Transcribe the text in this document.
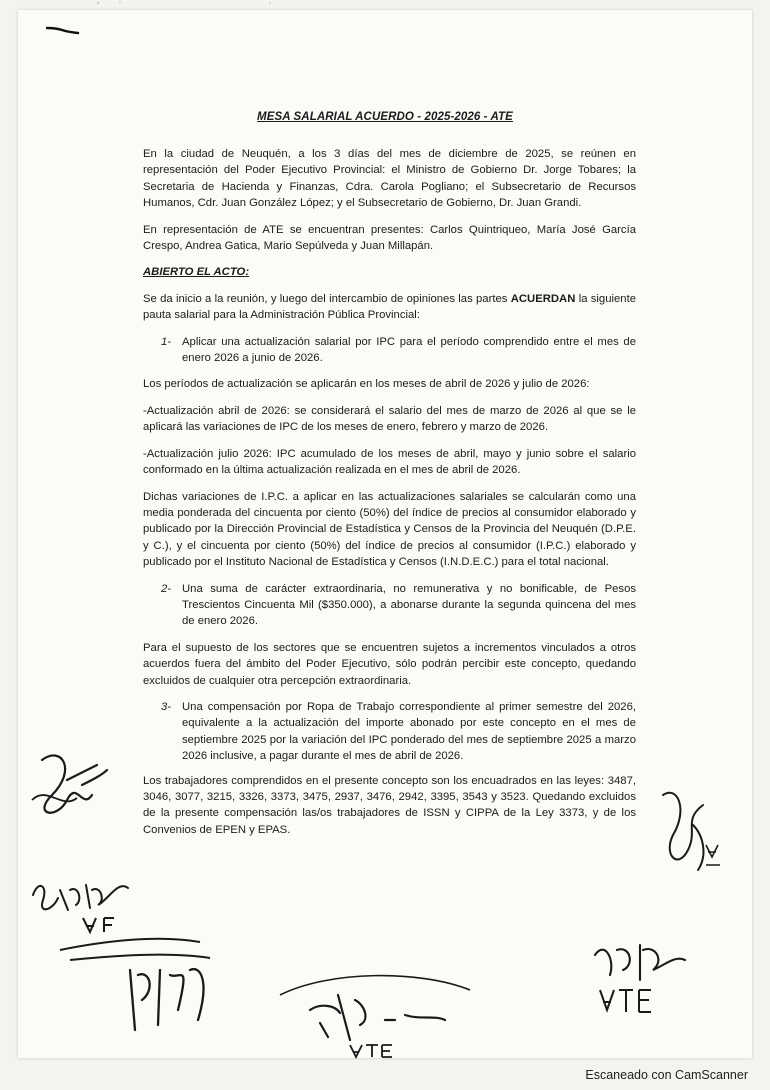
MESA SALARIAL ACUERDO - 2025-2026 - ATE

En la ciudad de Neuquén, a los 3 días del mes de diciembre de 2025, se reúnen en representación del Poder Ejecutivo Provincial: el Ministro de Gobierno Dr. Jorge Tobares; la Secretaria de Hacienda y Finanzas, Cdra. Carola Pogliano; el Subsecretario de Recursos Humanos, Cdr. Juan González López; y el Subsecretario de Gobierno, Dr. Juan Grandi.

En representación de ATE se encuentran presentes: Carlos Quintriqueo, María José García Crespo, Andrea Gatica, Mario Sepúlveda y Juan Millapán.

ABIERTO EL ACTO:

Se da inicio a la reunión, y luego del intercambio de opiniones las partes ACUERDAN la siguiente pauta salarial para la Administración Pública Provincial:

1- Aplicar una actualización salarial por IPC para el período comprendido entre el mes de enero 2026 a junio de 2026.

Los períodos de actualización se aplicarán en los meses de abril de 2026 y julio de 2026:

-Actualización abril de 2026: se considerará el salario del mes de marzo de 2026 al que se le aplicará las variaciones de IPC de los meses de enero, febrero y marzo de 2026.

-Actualización julio 2026: IPC acumulado de los meses de abril, mayo y junio sobre el salario conformado en la última actualización realizada en el mes de abril de 2026.

Dichas variaciones de I.P.C. a aplicar en las actualizaciones salariales se calcularán como una media ponderada del cincuenta por ciento (50%) del índice de precios al consumidor elaborado y publicado por la Dirección Provincial de Estadística y Censos de la Provincia del Neuquén (D.P.E. y C.), y el cincuenta por ciento (50%) del índice de precios al consumidor (I.P.C.) elaborado y publicado por el Instituto Nacional de Estadística y Censos (I.N.D.E.C.) para el total nacional.

2- Una suma de carácter extraordinaria, no remunerativa y no bonificable, de Pesos Trescientos Cincuenta Mil ($350.000), a abonarse durante la segunda quincena del mes de enero 2026.

Para el supuesto de los sectores que se encuentren sujetos a incrementos vinculados a otros acuerdos fuera del ámbito del Poder Ejecutivo, sólo podrán percibir este concepto, quedando excluidos de cualquier otra percepción extraordinaria.

3- Una compensación por Ropa de Trabajo correspondiente al primer semestre del 2026, equivalente a la actualización del importe abonado por este concepto en el mes de septiembre 2025 por la variación del IPC ponderado del mes de septiembre 2025 a marzo 2026 inclusive, a pagar durante el mes de abril de 2026.

Los trabajadores comprendidos en el presente concepto son los encuadrados en las leyes: 3487, 3046, 3077, 3215, 3326, 3373, 3475, 2937, 3476, 2942, 3395, 3543 y 3523. Quedando excluidos de la presente compensación las/os trabajadores de ISSN y CIPPA de la Ley 3373, y de los Convenios de EPEN y EPAS.

Escaneado con CamScanner
